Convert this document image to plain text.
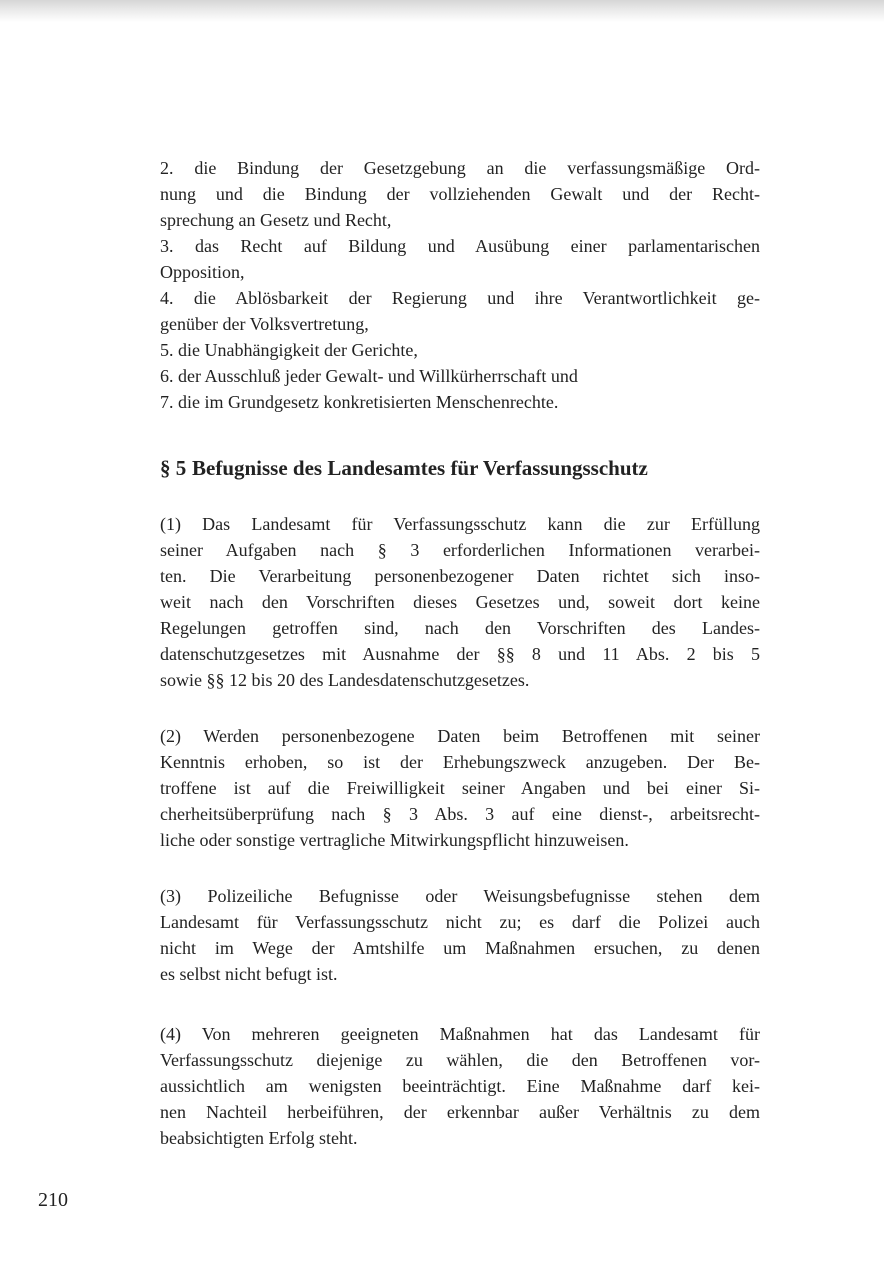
2. die Bindung der Gesetzgebung an die verfassungsmäßige Ord-
nung und die Bindung der vollziehenden Gewalt und der Recht-
sprechung an Gesetz und Recht,
3. das Recht auf Bildung und Ausübung einer parlamentarischen
Opposition,
4. die Ablösbarkeit der Regierung und ihre Verantwortlichkeit ge-
genüber der Volksvertretung,
5. die Unabhängigkeit der Gerichte,
6. der Ausschluß jeder Gewalt- und Willkürherrschaft und
7. die im Grundgesetz konkretisierten Menschenrechte.
§ 5 Befugnisse des Landesamtes für Verfassungsschutz
(1) Das Landesamt für Verfassungsschutz kann die zur Erfüllung
seiner Aufgaben nach § 3 erforderlichen Informationen verarbei-
ten. Die Verarbeitung personenbezogener Daten richtet sich inso-
weit nach den Vorschriften dieses Gesetzes und, soweit dort keine
Regelungen getroffen sind, nach den Vorschriften des Landes-
datenschutzgesetzes mit Ausnahme der §§ 8 und 11 Abs. 2 bis 5
sowie §§ 12 bis 20 des Landesdatenschutzgesetzes.
(2) Werden personenbezogene Daten beim Betroffenen mit seiner
Kenntnis erhoben, so ist der Erhebungszweck anzugeben. Der Be-
troffene ist auf die Freiwilligkeit seiner Angaben und bei einer Si-
cherheitsüberprüfung nach § 3 Abs. 3 auf eine dienst-, arbeitsrecht-
liche oder sonstige vertragliche Mitwirkungspflicht hinzuweisen.
(3) Polizeiliche Befugnisse oder Weisungsbefugnisse stehen dem
Landesamt für Verfassungsschutz nicht zu; es darf die Polizei auch
nicht im Wege der Amtshilfe um Maßnahmen ersuchen, zu denen
es selbst nicht befugt ist.
(4) Von mehreren geeigneten Maßnahmen hat das Landesamt für
Verfassungsschutz diejenige zu wählen, die den Betroffenen vor-
aussichtlich am wenigsten beeinträchtigt. Eine Maßnahme darf kei-
nen Nachteil herbeiführen, der erkennbar außer Verhältnis zu dem
beabsichtigten Erfolg steht.
210
